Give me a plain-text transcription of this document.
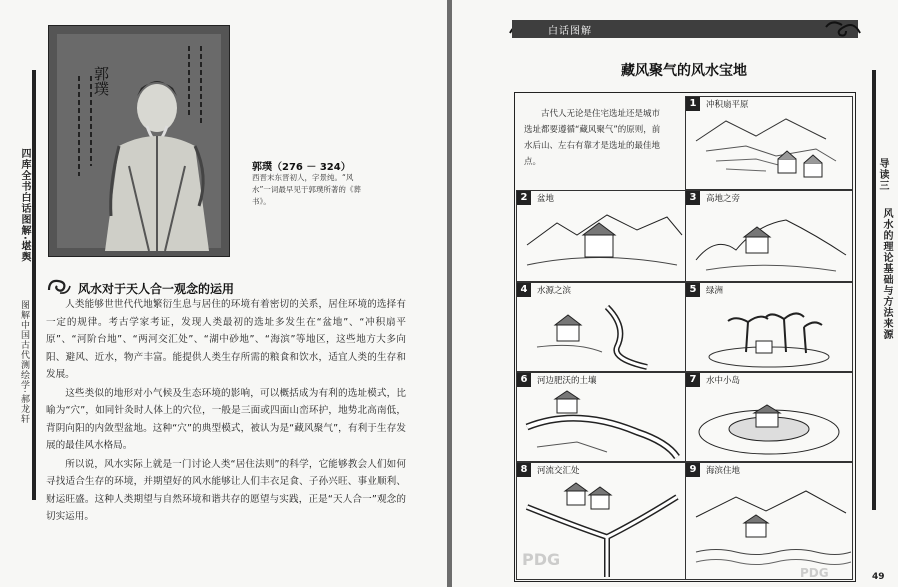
四库全书白话图解·堪舆
图解中国古代测绘学·郝龙轩
郭璞
郭璞（276 － 324）
西晋末东晋初人，字景纯。“风水”一词最早见于郭璞所著的《葬书》。
风水对于天人合一观念的运用

人类能够世世代代地繁衍生息与居住的环境有着密切的关系，居住环境的选择有一定的规律。考古学家考证，发现人类最初的选址多发生在“盆地”、“冲积扇平原”、“河阶台地”、“两河交汇处”、“湖中砂地”、“海滨”等地区，这些地方大多向阳、避风、近水，物产丰富。能提供人类生存所需的粮食和饮水，适宜人类的生存和发展。

这些类似的地形对小气候及生态环境的影响，可以概括成为有利的选址模式，比喻为“穴”，如同针灸时人体上的穴位，一般是三面或四面山峦环护，地势北高南低，背阴向阳的内敛型盆地。这种“穴”的典型模式，被认为是“藏风聚气”，有利于生存发展的最佳风水格局。

所以说，风水实际上就是一门讨论人类“居住法则”的科学，它能够教会人们如何寻找适合生存的环境，并期望好的风水能够让人们丰衣足食、子孙兴旺、事业顺利、财运旺盛。这种人类期望与自然环境和谐共存的愿望与实践，正是“天人合一”观念的切实运用。

白话图解
藏风聚气的风水宝地
古代人无论是住宅选址还是城市选址都要遵循“藏风聚气”的原则，前水后山、左右有靠才是选址的最佳地点。
1	冲积扇平原
2	盆地	3	高地之旁
4	水源之滨	5	绿洲
6	河边肥沃的土壤	7	水中小岛
8	河流交汇处	9	海滨住地
PDG
PDG
导读三
风水的理论基础与方法来源
49
